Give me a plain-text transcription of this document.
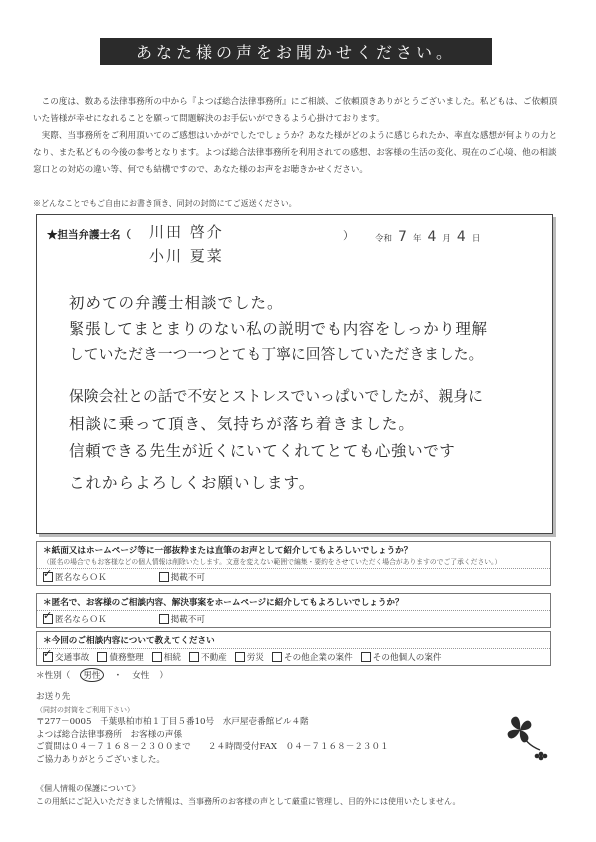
あなた様の声をお聞かせください。

この度は、数ある法律事務所の中から『よつば総合法律事務所』にご相談、ご依頼頂きありがとうございました。私どもは、ご依頼頂いた皆様が幸せになれることを願って問題解決のお手伝いができるよう心掛けております。

実際、当事務所をご利用頂いてのご感想はいかがでしたでしょうか？あなた様がどのように感じられたか、率直な感想が何よりの力となり、また私どもの今後の参考となります。よつば総合法律事務所を利用されての感想、お客様の生活の変化、現在のご心境、他の相談窓口との対応の違い等、何でも結構ですので、あなた様のお声をお聴きかせください。

※どんなことでもご自由にお書き頂き、同封の封筒にてご返送ください。
★担当弁護士名（ 川田 啓介
小川 夏菜
） 令和 7 年 4 月 4 日
初めての弁護士相談でした。
緊張してまとまりのない私の説明でも内容をしっかり理解
していただき一つ一つとても丁寧に回答していただきました。
保険会社との話で不安とストレスでいっぱいでしたが、親身に
相談に乗って頂き、気持ちが落ち着きました。
信頼できる先生が近くにいてくれてとても心強いです
これからよろしくお願いします。
＊紙面又はホームページ等に一部抜粋または直筆のお声として紹介してもよろしいでしょうか？
（匿名の場合でもお客様などの個人情報は削除いたします。文意を変えない範囲で編集・要約をさせていただく場合がありますのでご了承ください。）
✓
匿名ならＯＫ	掲載不可
＊匿名で、お客様のご相談内容、解決事案をホームページに紹介してもよろしいでしょうか？
✓
匿名ならＯＫ	掲載不可
＊今回のご相談内容について教えてください
✓
交通事故 債務整理 相続 不動産 労災 その他企業の案件 その他個人の案件
＊性別（	男性	・ 女性 ）
お送り先
（同封の封筒をご利用下さい）
〒277－0005　千葉県柏市柏１丁目５番10号　水戸屋壱番館ビル４階
よつば総合法律事務所　お客様の声係
ご質問は０４－７１６８－２３００まで　　２４時間受付FAX　０４－７１６８－２３０１
ご協力ありがとうございました。
《個人情報の保護について》
この用紙にご記入いただきました情報は、当事務所のお客様の声として厳重に管理し、目的外には使用いたしません。
